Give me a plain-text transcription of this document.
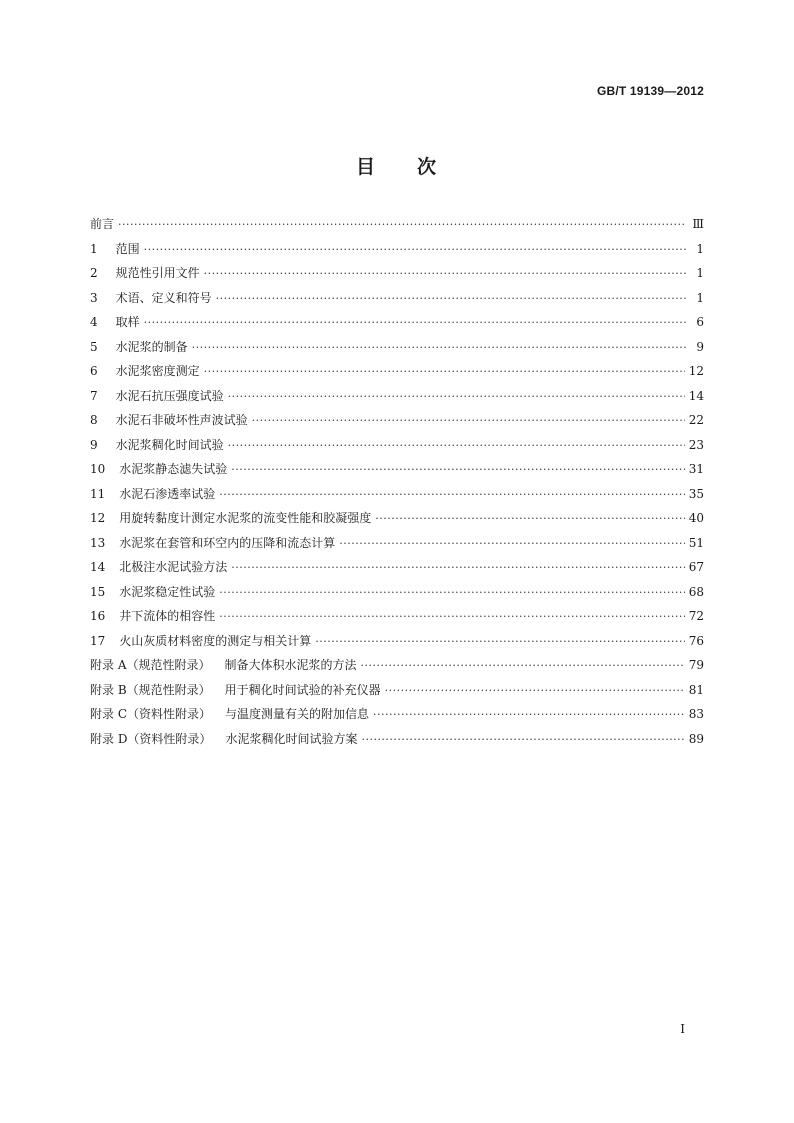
GB/T 19139—2012
目 次
前言 ·····	Ⅲ
1 范围 ·····	1
2 规范性引用文件 ·····	1
3 术语、定义和符号 ·····	1
4 取样 ·····	6
5 水泥浆的制备 ·····	9
6 水泥浆密度测定 ·····	12
7 水泥石抗压强度试验 ·····	14
8 水泥石非破坏性声波试验 ·····	22
9 水泥浆稠化时间试验 ·····	23
10 水泥浆静态滤失试验 ·····	31
11 水泥石渗透率试验 ·····	35
12 用旋转黏度计测定水泥浆的流变性能和胶凝强度 ·····	40
13 水泥浆在套管和环空内的压降和流态计算 ·····	51
14 北极注水泥试验方法 ·····	67
15 水泥浆稳定性试验 ·····	68
16 井下流体的相容性 ·····	72
17 火山灰质材料密度的测定与相关计算 ·····	76
附录 A（规范性附录） 制备大体积水泥浆的方法 ·····	79
附录 B（规范性附录） 用于稠化时间试验的补充仪器 ·····	81
附录 C（资料性附录） 与温度测量有关的附加信息 ·····	83
附录 D（资料性附录） 水泥浆稠化时间试验方案 ·····	89
I
